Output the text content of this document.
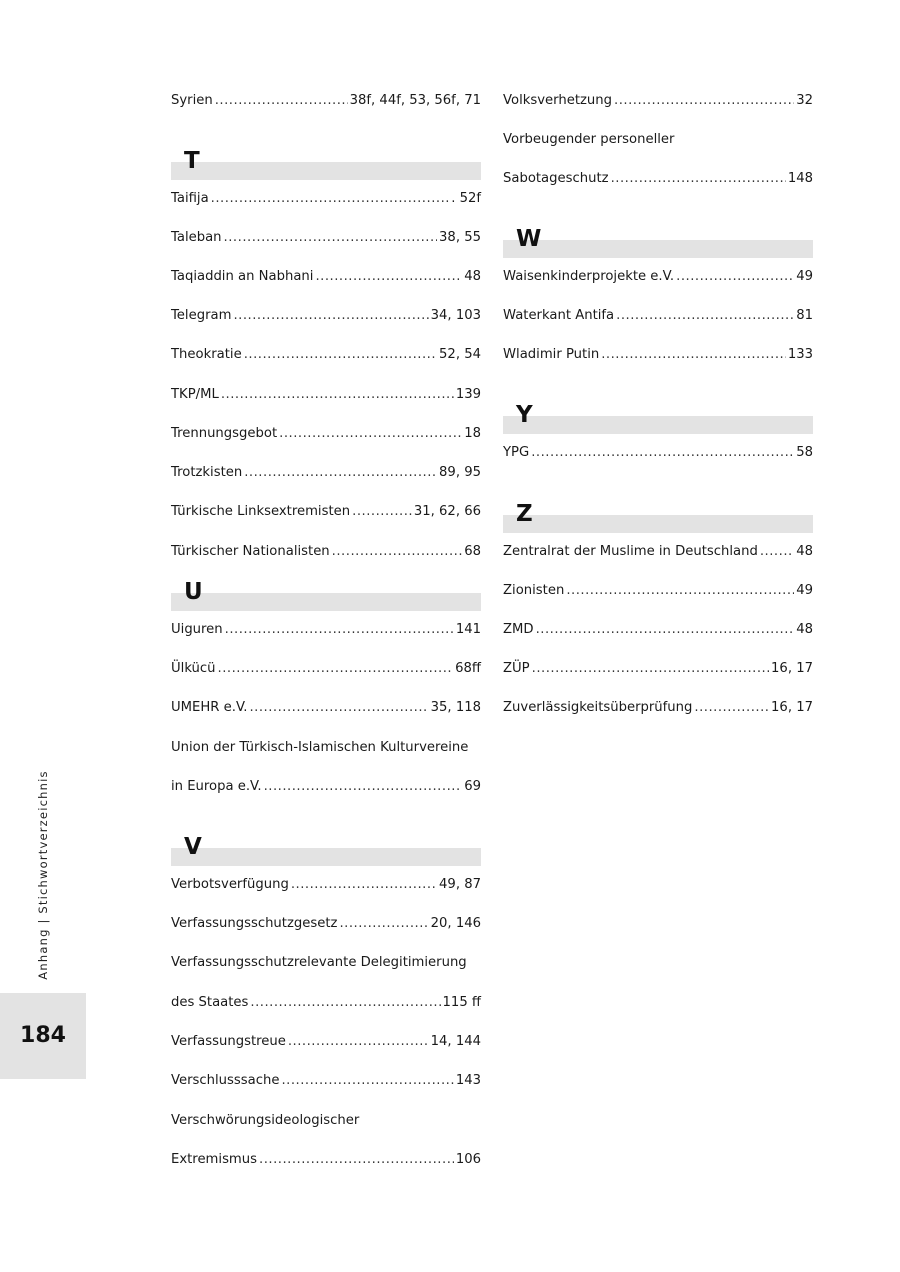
Syrien .....	38f, 44f, 53, 56f, 71
T
Taifija .....	. 52f
Taleban .....	38, 55
Taqiaddin an Nabhani .....	48
Telegram .....	34, 103
Theokratie .....	52, 54
TKP/ML .....	139
Trennungsgebot .....	18
Trotzkisten .....	89, 95
Türkische Linksextremisten .....	31, 62, 66
Türkischer Nationalisten .....	68
U
Uiguren .....	141
Ülkücü .....	68ff
UMEHR e.V. .....	35, 118
Union der Türkisch-Islamischen Kulturvereine
in Europa e.V. .....	69
V
Verbotsverfügung .....	49, 87
Verfassungsschutzgesetz .....	20, 146
Verfassungsschutzrelevante Delegitimierung
des Staates .....	115 ff
Verfassungstreue .....	14, 144
Verschlusssache .....	143
Verschwörungsideologischer
Extremismus .....	106
Volksverhetzung .....	32
Vorbeugender personeller
Sabotageschutz .....	148
W
Waisenkinderprojekte e.V. .....	49
Waterkant Antifa .....	81
Wladimir Putin .....	133
Y
YPG .....	58
Z
Zentralrat der Muslime in Deutschland .....	48
Zionisten .....	49
ZMD .....	48
ZÜP .....	16, 17
Zuverlässigkeitsüberprüfung .....	16, 17
Anhang | Stichwortverzeichnis
184
